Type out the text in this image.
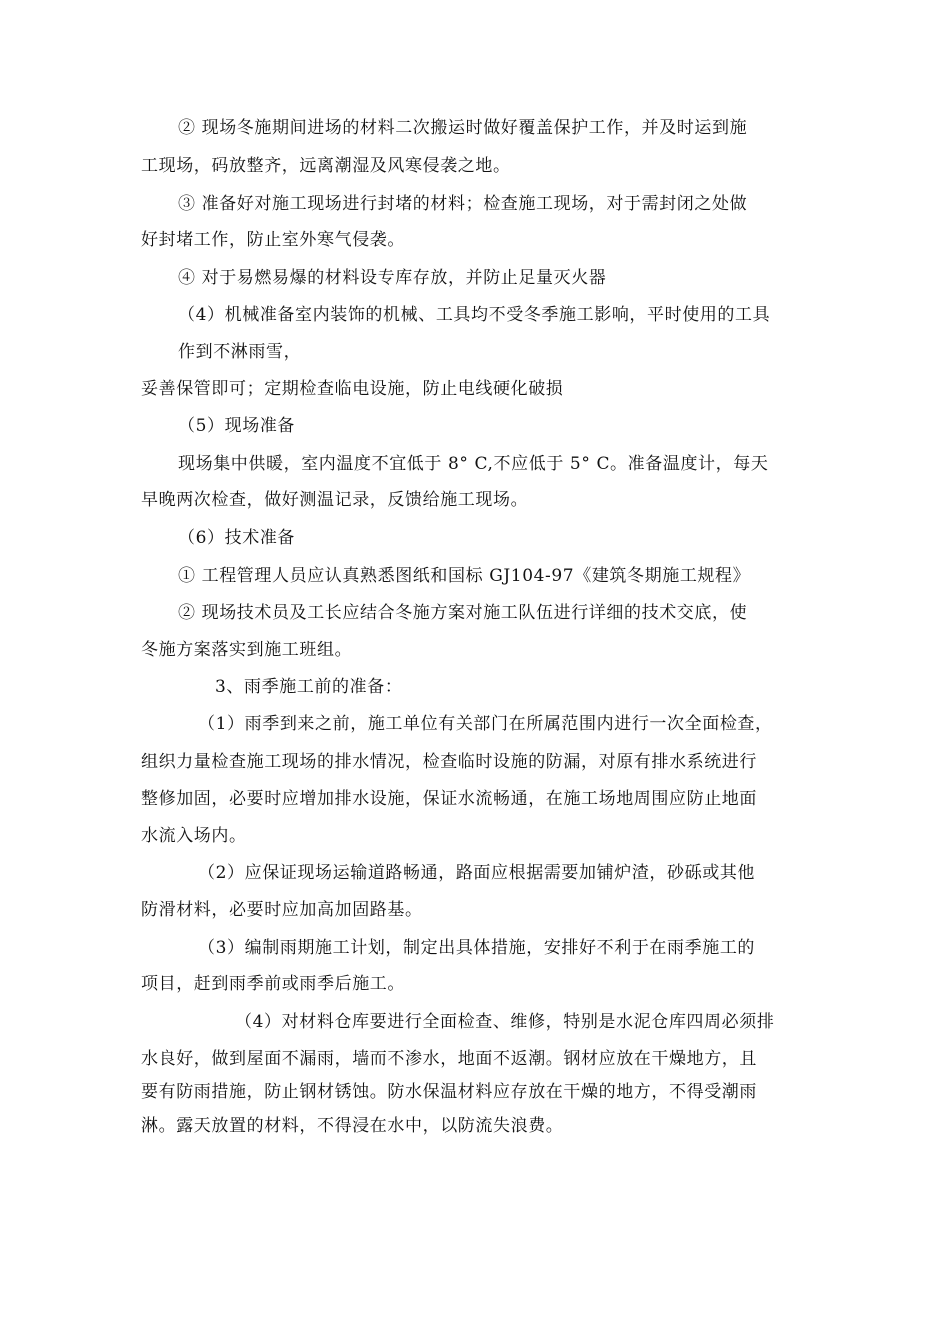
② 现场冬施期间进场的材料二次搬运时做好覆盖保护工作，并及时运到施
工现场，码放整齐，远离潮湿及风寒侵袭之地。
③ 准备好对施工现场进行封堵的材料；检查施工现场，对于需封闭之处做
好封堵工作，防止室外寒气侵袭。
④ 对于易燃易爆的材料设专库存放，并防止足量灭火器
（4）机械准备室内装饰的机械、工具均不受冬季施工影响，平时使用的工具
作到不淋雨雪，
妥善保管即可；定期检查临电设施，防止电线硬化破损
（5）现场准备
现场集中供暖，室内温度不宜低于 8° C,不应低于 5° C。准备温度计，每天
早晚两次检查，做好测温记录，反馈给施工现场。
（6）技术准备
① 工程管理人员应认真熟悉图纸和国标 GJ104-97《建筑冬期施工规程》
② 现场技术员及工长应结合冬施方案对施工队伍进行详细的技术交底，使
冬施方案落实到施工班组。
3、雨季施工前的准备：
（1）雨季到来之前，施工单位有关部门在所属范围内进行一次全面检查，
组织力量检查施工现场的排水情况，检查临时设施的防漏，对原有排水系统进行
整修加固，必要时应增加排水设施，保证水流畅通，在施工场地周围应防止地面
水流入场内。
（2）应保证现场运输道路畅通，路面应根据需要加铺炉渣，砂砾或其他
防滑材料，必要时应加高加固路基。
（3）编制雨期施工计划，制定出具体措施，安排好不利于在雨季施工的
项目，赶到雨季前或雨季后施工。
（4）对材料仓库要进行全面检查、维修，特别是水泥仓库四周必须排
水良好，做到屋面不漏雨，墙而不渗水，地面不返潮。钢材应放在干燥地方，且
要有防雨措施，防止钢材锈蚀。防水保温材料应存放在干燥的地方，不得受潮雨
淋。露天放置的材料，不得浸在水中，以防流失浪费。
